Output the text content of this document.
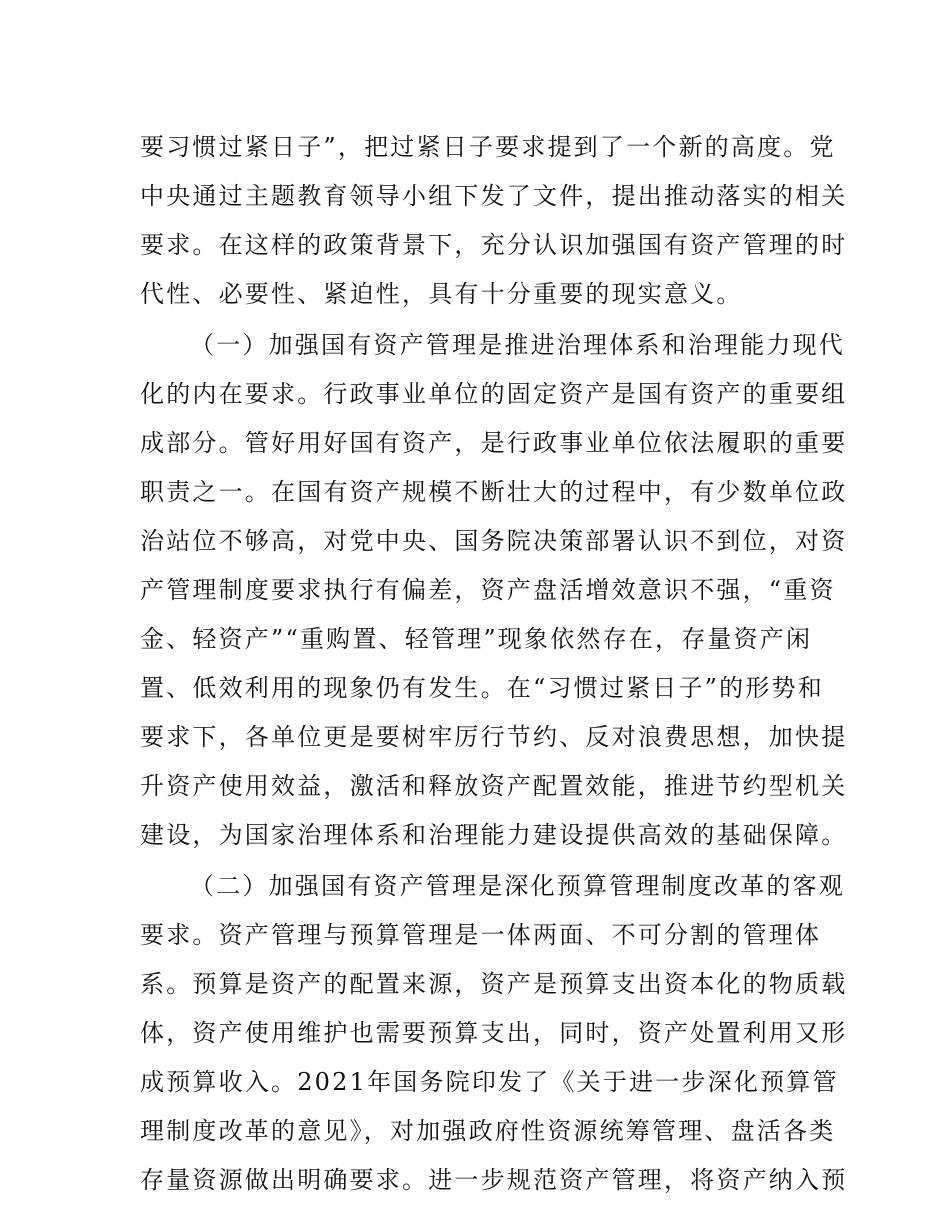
要习惯过紧日子”，把过紧日子要求提到了一个新的高度。党
中央通过主题教育领导小组下发了文件，提出推动落实的相关
要求。在这样的政策背景下，充分认识加强国有资产管理的时
代性、必要性、紧迫性，具有十分重要的现实意义。
（一）加强国有资产管理是推进治理体系和治理能力现代
化的内在要求。行政事业单位的固定资产是国有资产的重要组
成部分。管好用好国有资产，是行政事业单位依法履职的重要
职责之一。在国有资产规模不断壮大的过程中，有少数单位政
治站位不够高，对党中央、国务院决策部署认识不到位，对资
产管理制度要求执行有偏差，资产盘活增效意识不强，“重资
金、轻资产”“重购置、轻管理”现象依然存在，存量资产闲
置、低效利用的现象仍有发生。在“习惯过紧日子”的形势和
要求下，各单位更是要树牢厉行节约、反对浪费思想，加快提
升资产使用效益，激活和释放资产配置效能，推进节约型机关
建设，为国家治理体系和治理能力建设提供高效的基础保障。
（二）加强国有资产管理是深化预算管理制度改革的客观
要求。资产管理与预算管理是一体两面、不可分割的管理体
系。预算是资产的配置来源，资产是预算支出资本化的物质载
体，资产使用维护也需要预算支出，同时，资产处置利用又形
成预算收入。2021年国务院印发了《关于进一步深化预算管
理制度改革的意见》，对加强政府性资源统筹管理、盘活各类
存量资源做出明确要求。进一步规范资产管理，将资产纳入预
